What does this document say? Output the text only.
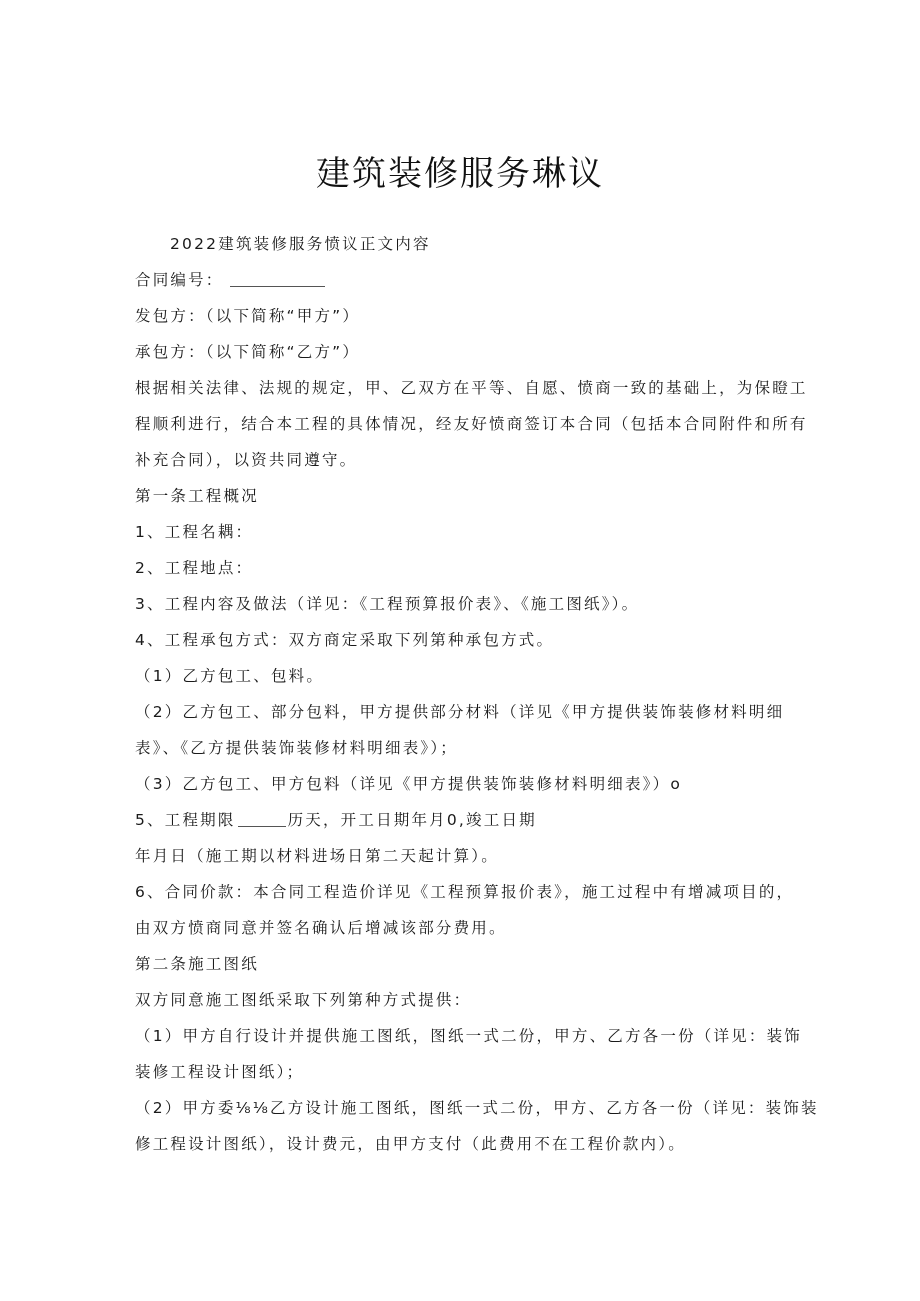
建筑装修服务琳议
2022建筑装修服务愤议正文内容
合同编号：
发包方：（以下简称“甲方”）
承包方：（以下简称“乙方”）
根据相关法律、法规的规定，甲、乙双方在平等、自愿、愤商一致的基础上，为保瞪工
程顺利进行，结合本工程的具体情况，经友好愤商签订本合同（包括本合同附件和所有
补充合同），以资共同遵守。
第一条工程概况
1、工程名耦：
2、工程地点：
3、工程内容及做法（详见：《工程预算报价表》、《施工图纸》）。
4、工程承包方式：双方商定采取下列第种承包方式。
（1）乙方包工、包料。
（2）乙方包工、部分包料，甲方提供部分材料（详见《甲方提供装饰装修材料明细
表》、《乙方提供装饰装修材料明细表》）；
（3）乙方包工、甲方包料（详见《甲方提供装饰装修材料明细表》）o
5、工程期限	历天，开工日期年月0,竣工日期
年月日（施工期以材料进场日第二天起计算）。
6、合同价款：本合同工程造价详见《工程预算报价表》，施工过程中有增减项目的，
由双方愤商同意并签名确认后增减该部分费用。
第二条施工图纸
双方同意施工图纸采取下列第种方式提供：
（1）甲方自行设计并提供施工图纸，图纸一式二份，甲方、乙方各一份（详见：装饰
装修工程设计图纸）；
（2）甲方委⅛⅛乙方设计施工图纸，图纸一式二份，甲方、乙方各一份（详见：装饰装
修工程设计图纸），设计费元，由甲方支付（此费用不在工程价款内）。
